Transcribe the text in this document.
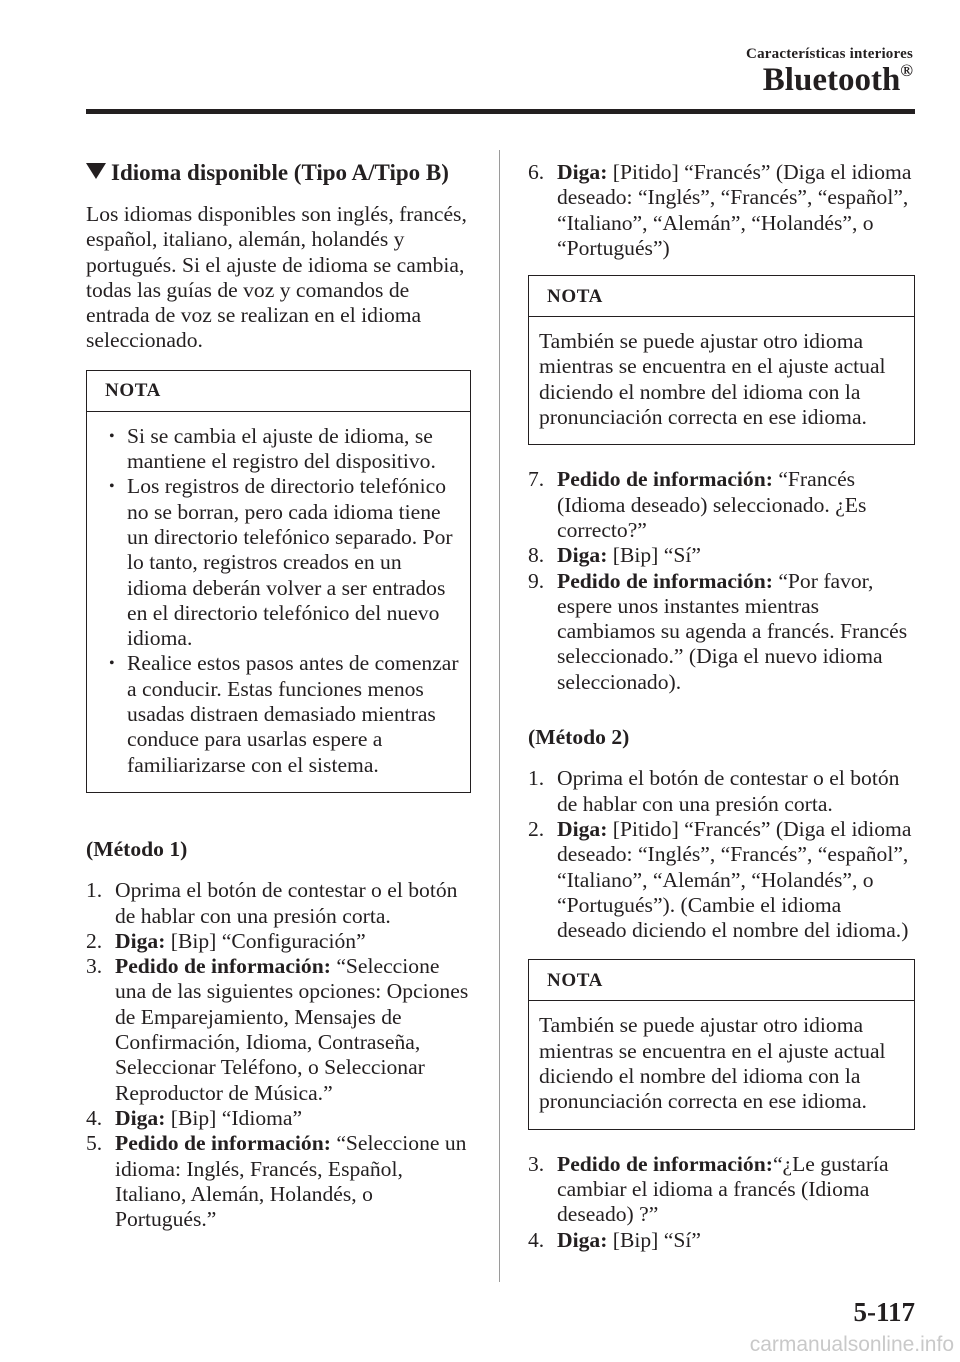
Características interiores
Bluetooth®
Idioma disponible (Tipo A/Tipo B)

Los idiomas disponibles son inglés, francés, español, italiano, alemán, holandés y portugués. Si el ajuste de idioma se cambia, todas las guías de voz y comandos de entrada de voz se realizan en el idioma seleccionado.

NOTA
• Si se cambia el ajuste de idioma, se mantiene el registro del dispositivo.
• Los registros de directorio telefónico no se borran, pero cada idioma tiene un directorio telefónico separado. Por lo tanto, registros creados en un idioma deberán volver a ser entrados en el directorio telefónico del nuevo idioma.
• Realice estos pasos antes de comenzar a conducir. Estas funciones menos usadas distraen demasiado mientras conduce para usarlas espere a familiarizarse con el sistema.
(Método 1)
1. Oprima el botón de contestar o el botón de hablar con una presión corta.
2. Diga: [Bip] “Configuración”
3. Pedido de información: “Seleccione una de las siguientes opciones: Opciones de Emparejamiento, Mensajes de Confirmación, Idioma, Contraseña, Seleccionar Teléfono, o Seleccionar Reproductor de Música.”
4. Diga: [Bip] “Idioma”
5. Pedido de información: “Seleccione un idioma: Inglés, Francés, Español, Italiano, Alemán, Holandés, o Portugués.”
6. Diga: [Pitido] “Francés” (Diga el idioma deseado: “Inglés”, “Francés”, “español”, “Italiano”, “Alemán”, “Holandés”, o “Portugués”)
NOTA

También se puede ajustar otro idioma mientras se encuentra en el ajuste actual diciendo el nombre del idioma con la pronunciación correcta en ese idioma.

7. Pedido de información: “Francés (Idioma deseado) seleccionado. ¿Es correcto?”
8. Diga: [Bip] “Sí”
9. Pedido de información: “Por favor, espere unos instantes mientras cambiamos su agenda a francés. Francés seleccionado.” (Diga el nuevo idioma seleccionado).
(Método 2)
1. Oprima el botón de contestar o el botón de hablar con una presión corta.
2. Diga: [Pitido] “Francés” (Diga el idioma deseado: “Inglés”, “Francés”, “español”, “Italiano”, “Alemán”, “Holandés”, o “Portugués”). (Cambie el idioma deseado diciendo el nombre del idioma.)
NOTA

También se puede ajustar otro idioma mientras se encuentra en el ajuste actual diciendo el nombre del idioma con la pronunciación correcta en ese idioma.

3. Pedido de información:“¿Le gustaría cambiar el idioma a francés (Idioma deseado) ?”
4. Diga: [Bip] “Sí”
5-117
carmanualsonline.info
